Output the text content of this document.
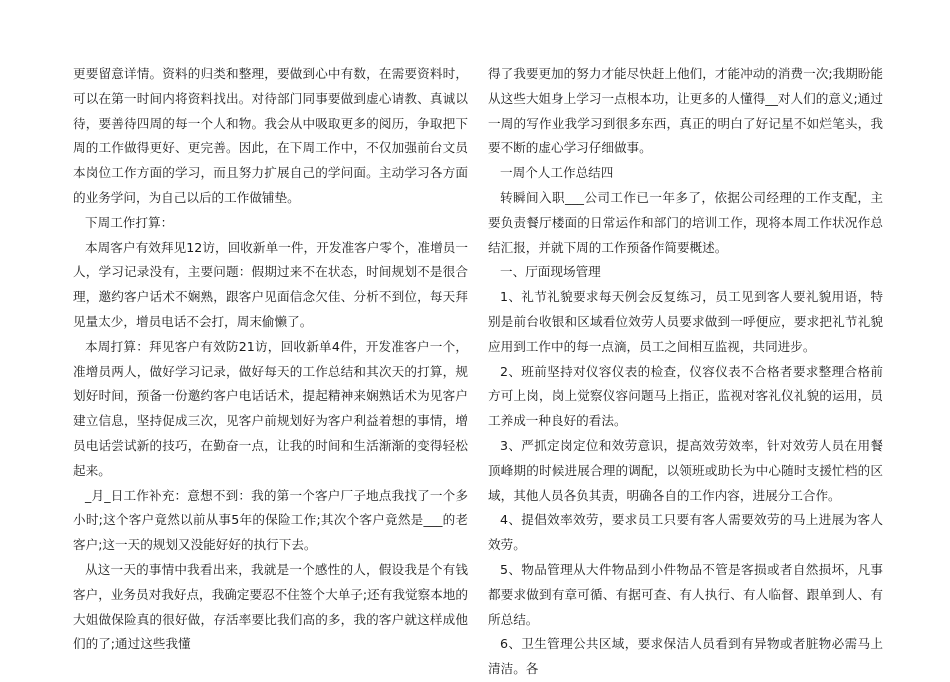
更要留意详情。资料的归类和整理，要做到心中有数，在需要资料时，可以在第一时间内将资料找出。对待部门同事要做到虚心请教、真诚以待，要善待四周的每一个人和物。我会从中吸取更多的阅历，争取把下周的工作做得更好、更完善。因此，在下周工作中，不仅加强前台文员本岗位工作方面的学习，而且努力扩展自己的学问面。主动学习各方面的业务学问，为自己以后的工作做铺垫。

下周工作打算：

本周客户有效拜见12访，回收新单一件，开发准客户零个，准增员一人，学习记录没有，主要问题：假期过来不在状态，时间规划不是很合理，邀约客户话术不娴熟，跟客户见面信念欠佳、分析不到位，每天拜见量太少，增员电话不会打，周末偷懒了。

本周打算：拜见客户有效防21访，回收新单4件，开发准客户一个，准增员两人，做好学习记录，做好每天的工作总结和其次天的打算，规划好时间，预备一份邀约客户电话话术，提起精神来娴熟话术为见客户建立信息，坚持促成三次，见客户前规划好为客户利益着想的事情，增员电话尝试新的技巧，在勤奋一点，让我的时间和生活渐渐的变得轻松起来。

_月_日工作补充：意想不到：我的第一个客户厂子地点我找了一个多小时;这个客户竟然以前从事5年的保险工作;其次个客户竟然是___的老客户;这一天的规划又没能好好的执行下去。

从这一天的事情中我看出来，我就是一个感性的人，假设我是个有钱客户，业务员对我好点，我确定要忍不住签个大单子;还有我觉察本地的大姐做保险真的很好做，存活率要比我们高的多，我的客户就这样成他们的了;通过这些我懂

得了我要更加的努力才能尽快赶上他们，才能冲动的消费一次;我期盼能从这些大姐身上学习一点根本功，让更多的人懂得__对人们的意义;通过一周的写作业我学习到很多东西，真正的明白了好记星不如烂笔头，我要不断的虚心学习仔细做事。

一周个人工作总结四

转瞬间入职___公司工作已一年多了，依据公司经理的工作支配，主要负责餐厅楼面的日常运作和部门的培训工作，现将本周工作状况作总结汇报，并就下周的工作预备作简要概述。

一、厅面现场管理

1、礼节礼貌要求每天例会反复练习，员工见到客人要礼貌用语，特别是前台收银和区域看位效劳人员要求做到一呼便应，要求把礼节礼貌应用到工作中的每一点滴，员工之间相互监视，共同进步。

2、班前坚持对仪容仪表的检查，仪容仪表不合格者要求整理合格前方可上岗，岗上觉察仪容问题马上指正，监视对客礼仪礼貌的运用，员工养成一种良好的看法。

3、严抓定岗定位和效劳意识，提高效劳效率，针对效劳人员在用餐顶峰期的时候进展合理的调配，以领班或助长为中心随时支援忙档的区域，其他人员各负其责，明确各自的工作内容，进展分工合作。

4、提倡效率效劳，要求员工只要有客人需要效劳的马上进展为客人效劳。

5、物品管理从大件物品到小件物品不管是客损或者自然损坏，凡事都要求做到有章可循、有据可查、有人执行、有人临督、跟单到人、有所总结。

6、卫生管理公共区域，要求保洁人员看到有异物或者脏物必需马上清洁。各
